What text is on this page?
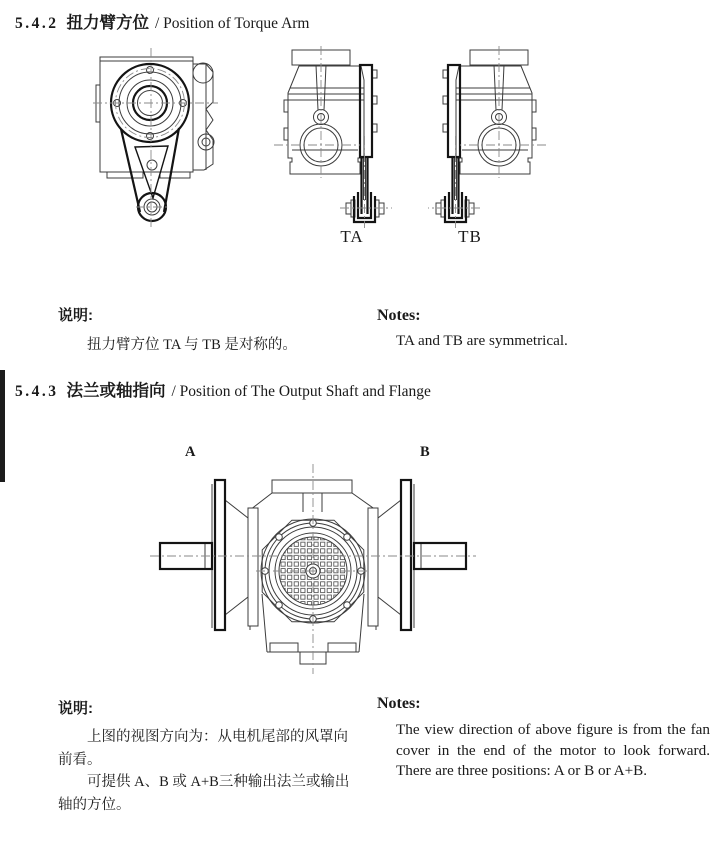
5.4.2 扭力臂方位 / Position of Torque Arm
TA	TB
说明:

扭力臂方位 TA 与 TB 是对称的。

Notes:
TA and TB are symmetrical.
5.4.3 法兰或轴指向 / Position of The Output Shaft and Flange
A	B
说明:

上图的视图方向为：从电机尾部的风罩向前看。

可提供 A、B 或 A+B三种输出法兰或输出轴的方位。

Notes:
The view direction of above figure is from the fan cover in the end of the motor to look forward. There are three positions: A or B or A+B.
